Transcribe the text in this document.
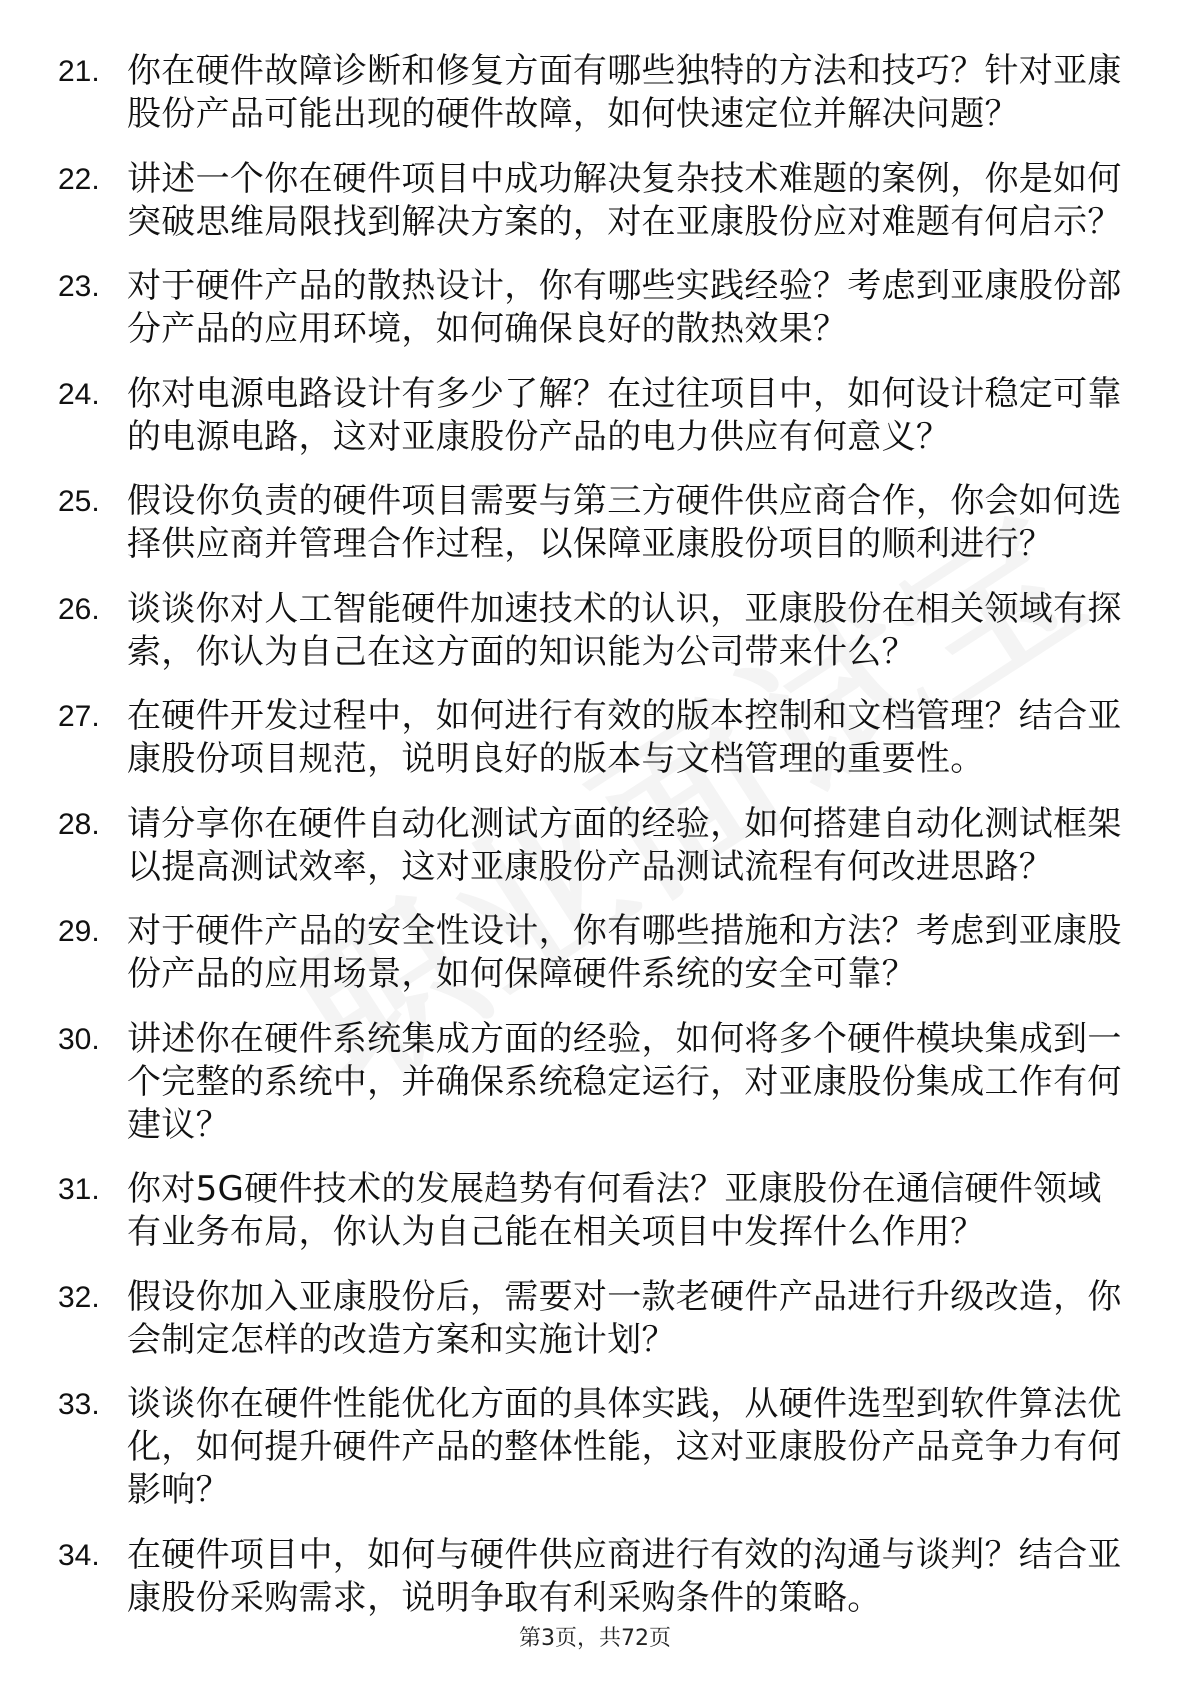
21. 你在硬件故障诊断和修复方面有哪些独特的方法和技巧？针对亚康股份产品可能出现的硬件故障，如何快速定位并解决问题？
22. 讲述一个你在硬件项目中成功解决复杂技术难题的案例，你是如何突破思维局限找到解决方案的，对在亚康股份应对难题有何启示？
23. 对于硬件产品的散热设计，你有哪些实践经验？考虑到亚康股份部分产品的应用环境，如何确保良好的散热效果？
24. 你对电源电路设计有多少了解？在过往项目中，如何设计稳定可靠的电源电路，这对亚康股份产品的电力供应有何意义？
25. 假设你负责的硬件项目需要与第三方硬件供应商合作，你会如何选择供应商并管理合作过程，以保障亚康股份项目的顺利进行？
26. 谈谈你对人工智能硬件加速技术的认识，亚康股份在相关领域有探索，你认为自己在这方面的知识能为公司带来什么？
27. 在硬件开发过程中，如何进行有效的版本控制和文档管理？结合亚康股份项目规范，说明良好的版本与文档管理的重要性。
28. 请分享你在硬件自动化测试方面的经验，如何搭建自动化测试框架以提高测试效率，这对亚康股份产品测试流程有何改进思路？
29. 对于硬件产品的安全性设计，你有哪些措施和方法？考虑到亚康股份产品的应用场景，如何保障硬件系统的安全可靠？
30. 讲述你在硬件系统集成方面的经验，如何将多个硬件模块集成到一个完整的系统中，并确保系统稳定运行，对亚康股份集成工作有何建议？
31. 你对5G硬件技术的发展趋势有何看法？亚康股份在通信硬件领域有业务布局，你认为自己能在相关项目中发挥什么作用？
32. 假设你加入亚康股份后，需要对一款老硬件产品进行升级改造，你会制定怎样的改造方案和实施计划？
33. 谈谈你在硬件性能优化方面的具体实践，从硬件选型到软件算法优化，如何提升硬件产品的整体性能，这对亚康股份产品竞争力有何影响？
34. 在硬件项目中，如何与硬件供应商进行有效的沟通与谈判？结合亚康股份采购需求，说明争取有利采购条件的策略。
第3页，共72页
